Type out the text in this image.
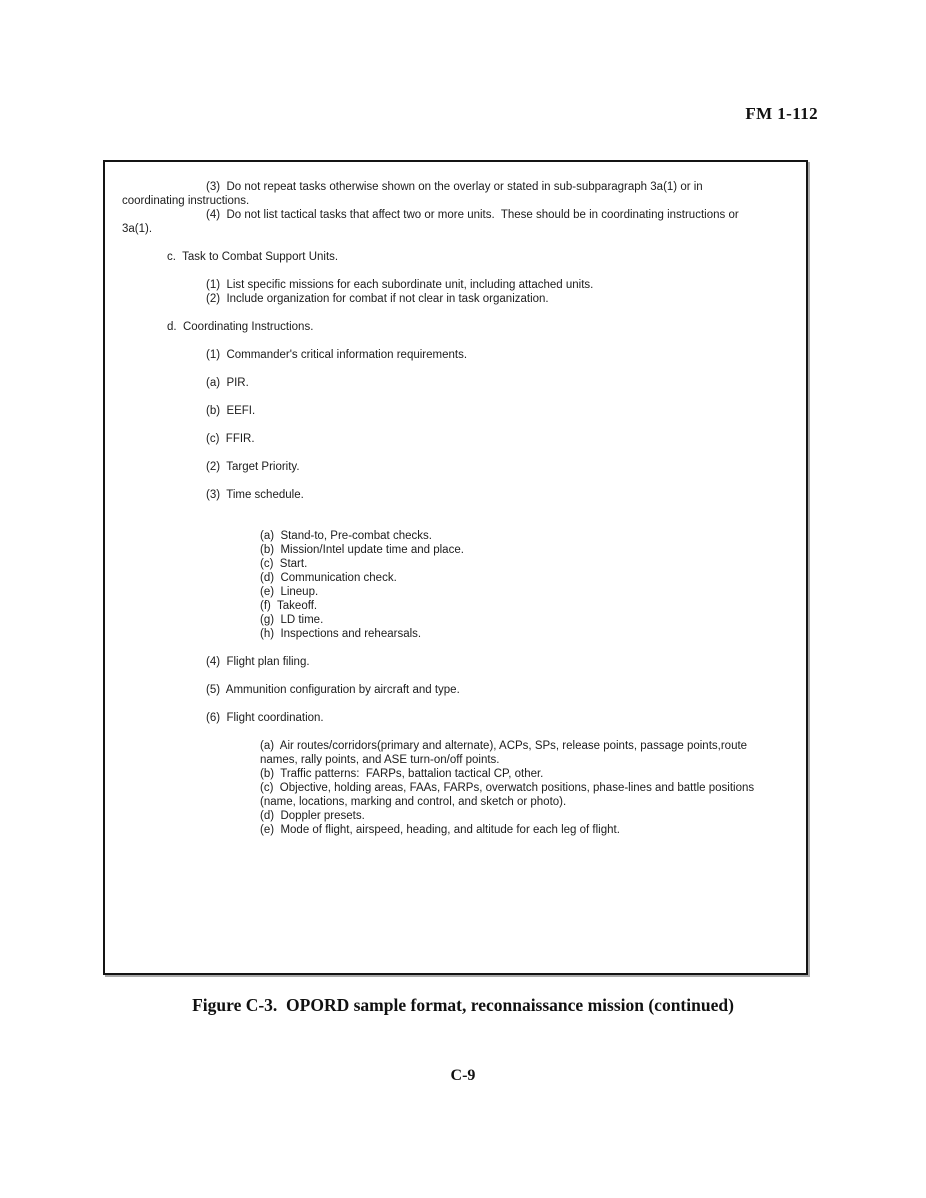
FM 1-112
(3)  Do not repeat tasks otherwise shown on the overlay or stated in sub-subparagraph 3a(1) or in
coordinating instructions.
(4)  Do not list tactical tasks that affect two or more units.  These should be in coordinating instructions or
3a(1).
c.  Task to Combat Support Units.
(1)  List specific missions for each subordinate unit, including attached units.
(2)  Include organization for combat if not clear in task organization.
d.  Coordinating Instructions.
(1)  Commander's critical information requirements.
(a)  PIR.
(b)  EEFI.
(c)  FFIR.
(2)  Target Priority.
(3)  Time schedule.
(a)  Stand-to, Pre-combat checks.
(b)  Mission/Intel update time and place.
(c)  Start.
(d)  Communication check.
(e)  Lineup.
(f)  Takeoff.
(g)  LD time.
(h)  Inspections and rehearsals.
(4)  Flight plan filing.
(5)  Ammunition configuration by aircraft and type.
(6)  Flight coordination.
(a)  Air routes/corridors(primary and alternate), ACPs, SPs, release points, passage points,route
names, rally points, and ASE turn-on/off points.
(b)  Traffic patterns:  FARPs, battalion tactical CP, other.
(c)  Objective, holding areas, FAAs, FARPs, overwatch positions, phase-lines and battle positions
(name, locations, marking and control, and sketch or photo).
(d)  Doppler presets.
(e)  Mode of flight, airspeed, heading, and altitude for each leg of flight.
Figure C-3.  OPORD sample format, reconnaissance mission (continued)
C-9
